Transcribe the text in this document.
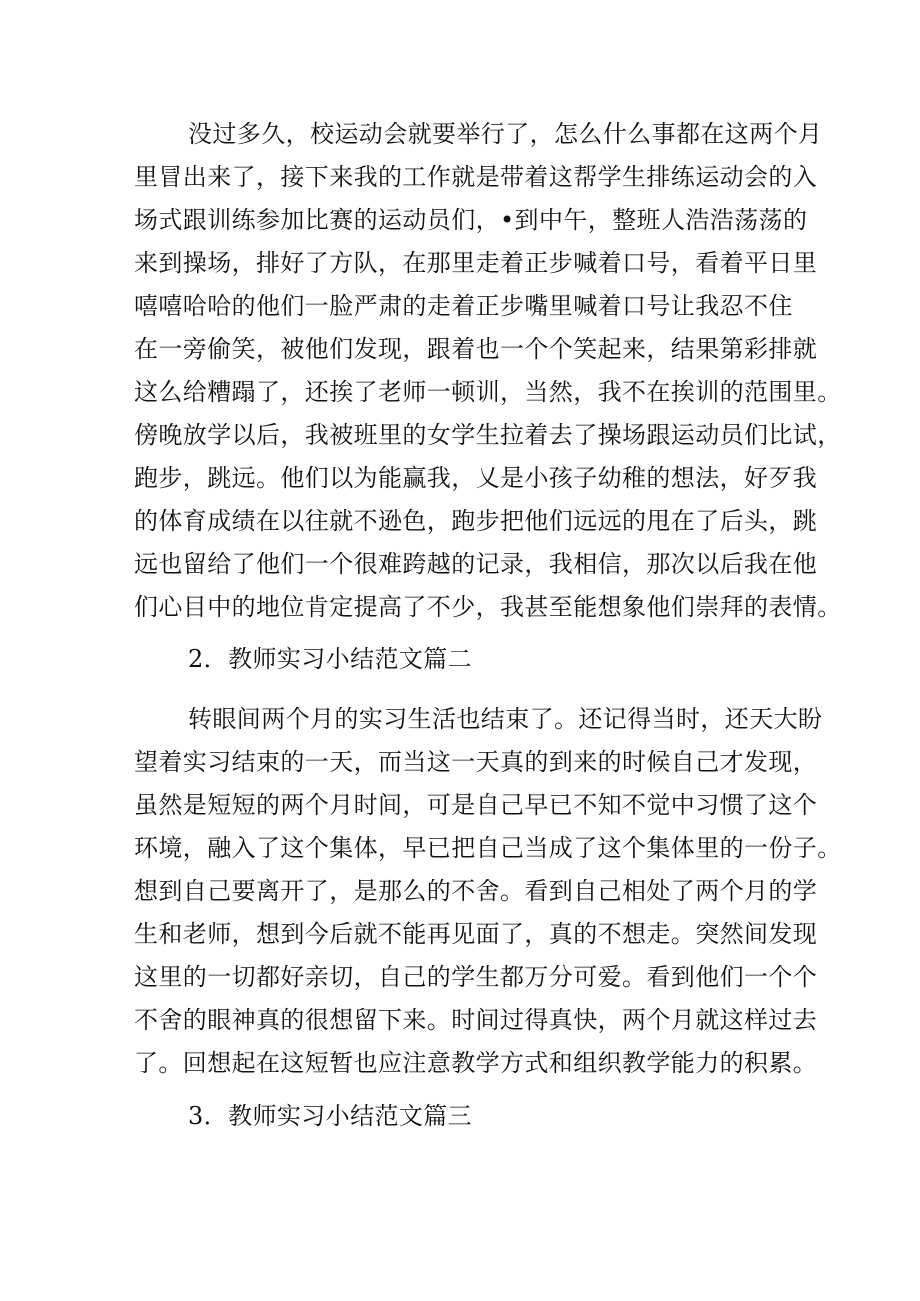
没过多久，校运动会就要举行了，怎么什么事都在这两个月
里冒出来了，接下来我的工作就是带着这帮学生排练运动会的入
场式跟训练参加比赛的运动员们，•到中午，整班人浩浩荡荡的
来到操场，排好了方队，在那里走着正步喊着口号，看着平日里
嘻嘻哈哈的他们一脸严肃的走着正步嘴里喊着口号让我忍不住
在一旁偷笑，被他们发现，跟着也一个个笑起来，结果第彩排就
这么给糟蹋了，还挨了老师一顿训，当然，我不在挨训的范围里。
傍晚放学以后，我被班里的女学生拉着去了操场跟运动员们比试，
跑步，跳远。他们以为能赢我，乂是小孩子幼稚的想法，好歹我
的体育成绩在以往就不逊色，跑步把他们远远的甩在了后头，跳
远也留给了他们一个很难跨越的记录，我相信，那次以后我在他
们心目中的地位肯定提高了不少，我甚至能想象他们崇拜的表情。
2．教师实习小结范文篇二
转眼间两个月的实习生活也结束了。还记得当时，还天大盼
望着实习结束的一天，而当这一天真的到来的时候自己才发现，
虽然是短短的两个月时间，可是自己早已不知不觉中习惯了这个
环境，融入了这个集体，早已把自己当成了这个集体里的一份子。
想到自己要离开了，是那么的不舍。看到自己相处了两个月的学
生和老师，想到今后就不能再见面了，真的不想走。突然间发现
这里的一切都好亲切，自己的学生都万分可爱。看到他们一个个
不舍的眼神真的很想留下来。时间过得真快，两个月就这样过去
了。回想起在这短暂也应注意教学方式和组织教学能力的积累。
3．教师实习小结范文篇三
